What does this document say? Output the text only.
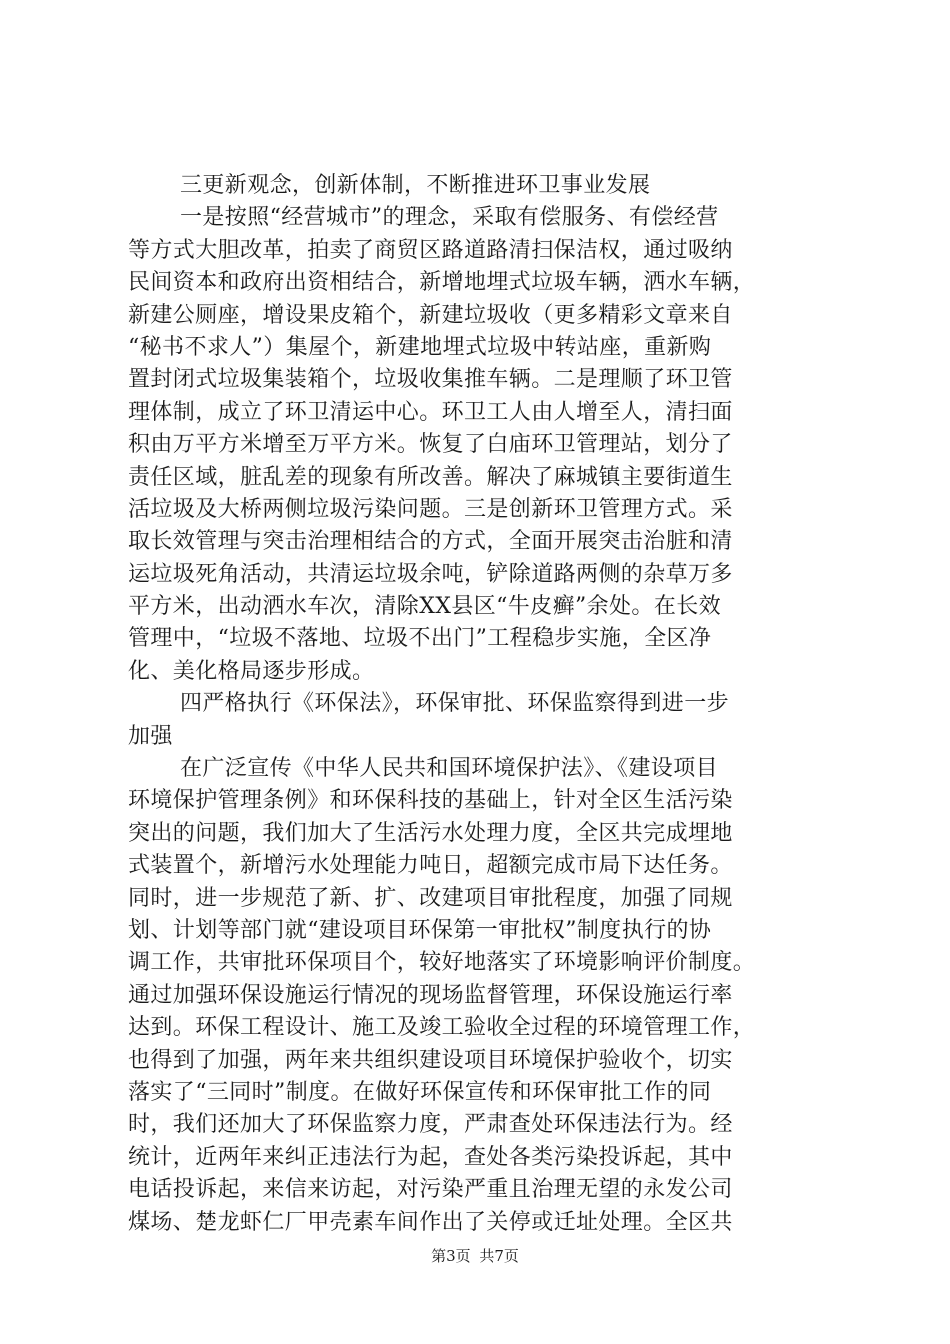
三更新观念，创新体制，不断推进环卫事业发展
一是按照“经营城市”的理念，采取有偿服务、有偿经营
等方式大胆改革，拍卖了商贸区路道路清扫保洁权，通过吸纳
民间资本和政府出资相结合，新增地埋式垃圾车辆，洒水车辆，
新建公厕座，增设果皮箱个，新建垃圾收（更多精彩文章来自
“秘书不求人”）集屋个，新建地埋式垃圾中转站座，重新购
置封闭式垃圾集装箱个，垃圾收集推车辆。二是理顺了环卫管
理体制，成立了环卫清运中心。环卫工人由人增至人，清扫面
积由万平方米增至万平方米。恢复了白庙环卫管理站，划分了
责任区域，脏乱差的现象有所改善。解决了麻城镇主要街道生
活垃圾及大桥两侧垃圾污染问题。三是创新环卫管理方式。采
取长效管理与突击治理相结合的方式，全面开展突击治脏和清
运垃圾死角活动，共清运垃圾余吨，铲除道路两侧的杂草万多
平方米，出动洒水车次，清除XX县区“牛皮癣”余处。在长效
管理中，“垃圾不落地、垃圾不出门”工程稳步实施，全区净
化、美化格局逐步形成。
四严格执行《环保法》，环保审批、环保监察得到进一步
加强
在广泛宣传《中华人民共和国环境保护法》、《建设项目
环境保护管理条例》和环保科技的基础上，针对全区生活污染
突出的问题，我们加大了生活污水处理力度，全区共完成埋地
式装置个，新增污水处理能力吨日，超额完成市局下达任务。
同时，进一步规范了新、扩、改建项目审批程度，加强了同规
划、计划等部门就“建设项目环保第一审批权”制度执行的协
调工作，共审批环保项目个，较好地落实了环境影响评价制度。
通过加强环保设施运行情况的现场监督管理，环保设施运行率
达到。环保工程设计、施工及竣工验收全过程的环境管理工作，
也得到了加强，两年来共组织建设项目环境保护验收个，切实
落实了“三同时”制度。在做好环保宣传和环保审批工作的同
时，我们还加大了环保监察力度，严肃查处环保违法行为。经
统计，近两年来纠正违法行为起，查处各类污染投诉起，其中
电话投诉起，来信来访起，对污染严重且治理无望的永发公司
煤场、楚龙虾仁厂甲壳素车间作出了关停或迁址处理。全区共
第3页 共7页
